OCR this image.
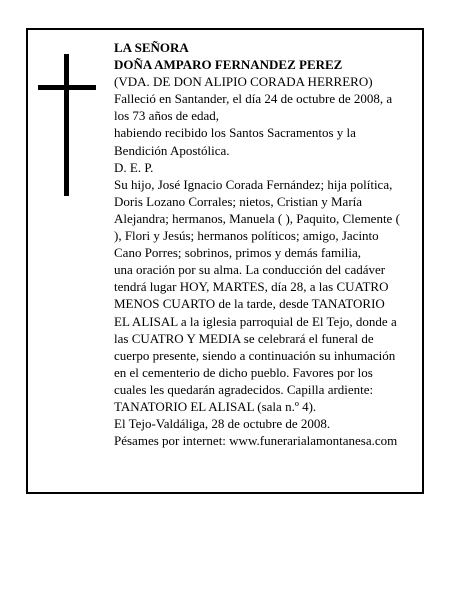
LA SEÑORA

DOÑA AMPARO FERNANDEZ PEREZ

(VDA. DE DON ALIPIO CORADA HERRERO)

Falleció en Santander, el día 24 de octubre de 2008, a

los 73 años de edad,

habiendo recibido los Santos Sacramentos y la

Bendición Apostólica.

D. E. P.

Su hijo, José Ignacio Corada Fernández; hija política,

Doris Lozano Corrales; nietos, Cristian y María

Alejandra; hermanos, Manuela ( ), Paquito, Clemente (

), Flori y Jesús; hermanos políticos; amigo, Jacinto

Cano Porres; sobrinos, primos y demás familia,

una oración por su alma. La conducción del cadáver

tendrá lugar HOY, MARTES, día 28, a las CUATRO

MENOS CUARTO de la tarde, desde TANATORIO

EL ALISAL a la iglesia parroquial de El Tejo, donde a

las CUATRO Y MEDIA se celebrará el funeral de

cuerpo presente, siendo a continuación su inhumación

en el cementerio de dicho pueblo. Favores por los

cuales les quedarán agradecidos. Capilla ardiente:

TANATORIO EL ALISAL (sala n.º 4).

El Tejo-Valdáliga, 28 de octubre de 2008.

Pésames por internet: www.funerarialamontanesa.com
